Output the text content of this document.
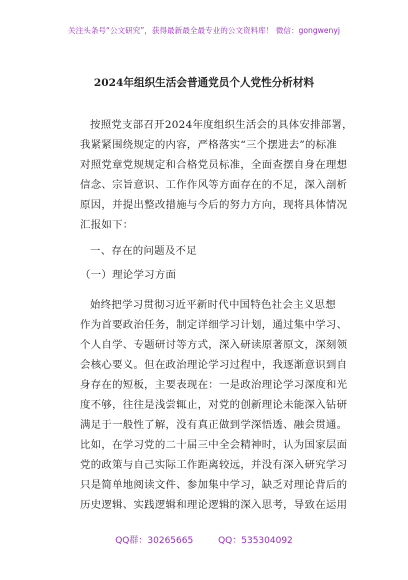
关注头条号“公文研究”，获得最新最全最专业的公文资料库！ 微信：gongwenyj
2024年组织生活会普通党员个人党性分析材料
按照党支部召开2024年度组织生活会的具体安排部署，
我紧紧围绕规定的内容，严格落实“三个摆进去”的标准
对照党章党规规定和合格党员标准，全面查摆自身在理想
信念、宗旨意识、工作作风等方面存在的不足，深入剖析
原因，并提出整改措施与今后的努力方向，现将具体情况
汇报如下：
一、存在的问题及不足
（一）理论学习方面
始终把学习贯彻习近平新时代中国特色社会主义思想
作为首要政治任务，制定详细学习计划，通过集中学习、
个人自学、专题研讨等方式，深入研读原著原文，深刻领
会核心要义。但在政治理论学习过程中，我逐渐意识到自
身存在的短板，主要表现在：一是政治理论学习深度和光
度不够，往往是浅尝辄止，对党的创新理论未能深入钻研
满足于一般性了解，没有真正做到学深悟透、融会贯通。
比如，在学习党的二十届三中全会精神时，认为国家层面
党的政策与自己实际工作距离较远，并没有深入研究学习
只是简单地阅读文件、参加集中学习，缺乏对理论背后的
历史逻辑、实践逻辑和理论逻辑的深入思考，导致在运用
QQ群：30265665	QQ：535304092
